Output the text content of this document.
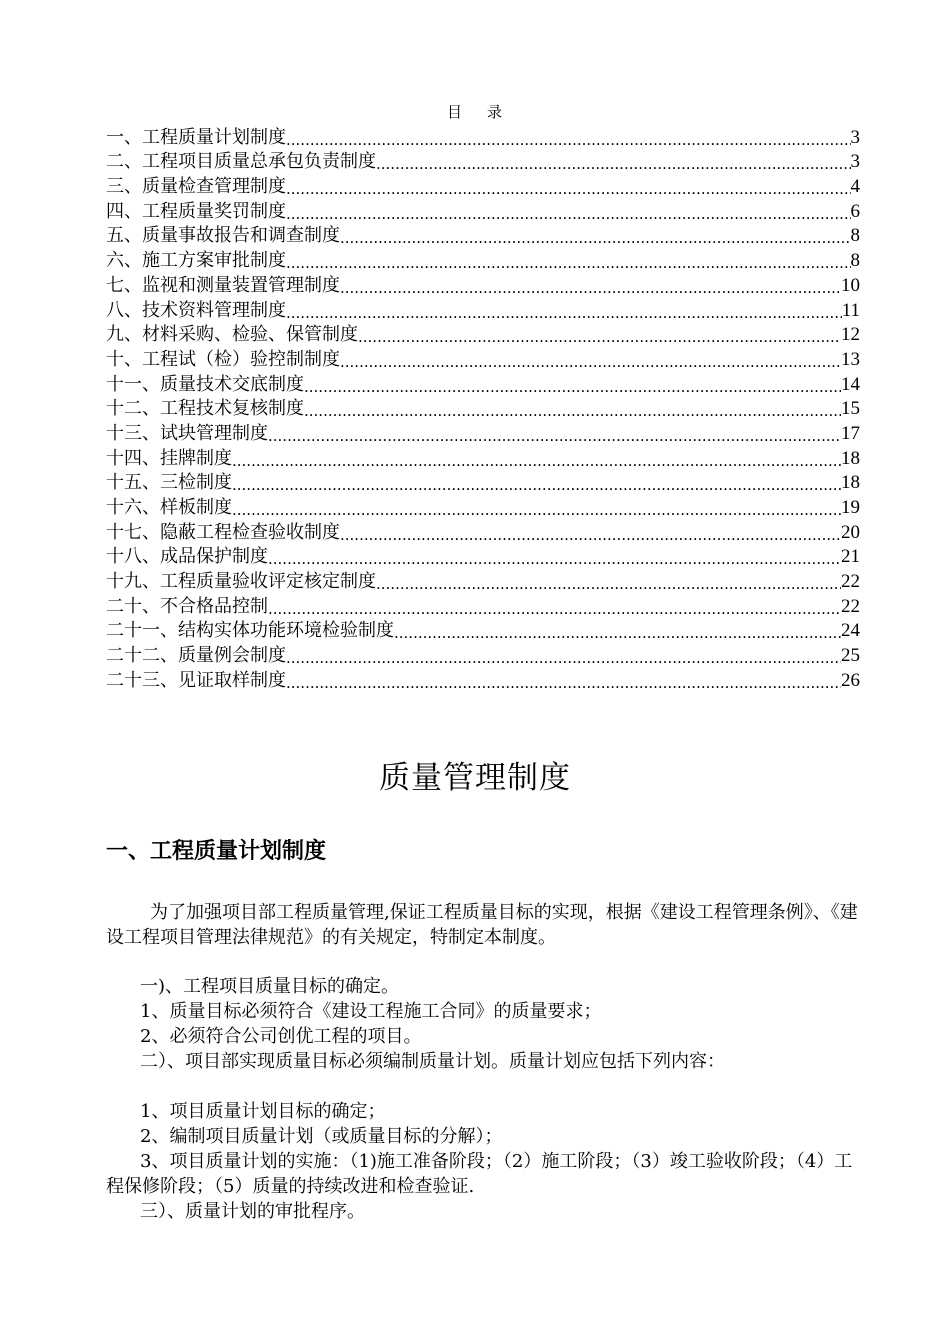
目 录
一、工程质量计划制度 .....	3
二、工程项目质量总承包负责制度 .....	3
三、质量检查管理制度 .....	4
四、工程质量奖罚制度 .....	6
五、质量事故报告和调查制度 .....	8
六、施工方案审批制度 .....	8
七、监视和测量装置管理制度 .....	10
八、技术资料管理制度 .....	11
九、材料采购、检验、保管制度 .....	12
十、工程试（检）验控制制度 .....	13
十一、质量技术交底制度 .....	14
十二、工程技术复核制度 .....	15
十三、试块管理制度 .....	17
十四、挂牌制度 .....	18
十五、三检制度 .....	18
十六、样板制度 .....	19
十七、隐蔽工程检查验收制度 .....	20
十八、成品保护制度 .....	21
十九、工程质量验收评定核定制度 .....	22
二十、不合格品控制 .....	22
二十一、结构实体功能环境检验制度 .....	24
二十二、质量例会制度 .....	25
二十三、见证取样制度 .....	26
质量管理制度
一、工程质量计划制度
为了加强项目部工程质量管理,保证工程质量目标的实现，根据《建设工程管理条例》、《建设工程项目管理法律规范》的有关规定，特制定本制度。
一)、工程项目质量目标的确定。
1、质量目标必须符合《建设工程施工合同》的质量要求；
2、必须符合公司创优工程的项目。
二）、项目部实现质量目标必须编制质量计划。质量计划应包括下列内容：
1、项目质量计划目标的确定；
2、编制项目质量计划（或质量目标的分解）；
3、项目质量计划的实施：（1)施工准备阶段；（2）施工阶段；（3）竣工验收阶段；（4）工程保修阶段；（5）质量的持续改进和检查验证.
三）、质量计划的审批程序。
